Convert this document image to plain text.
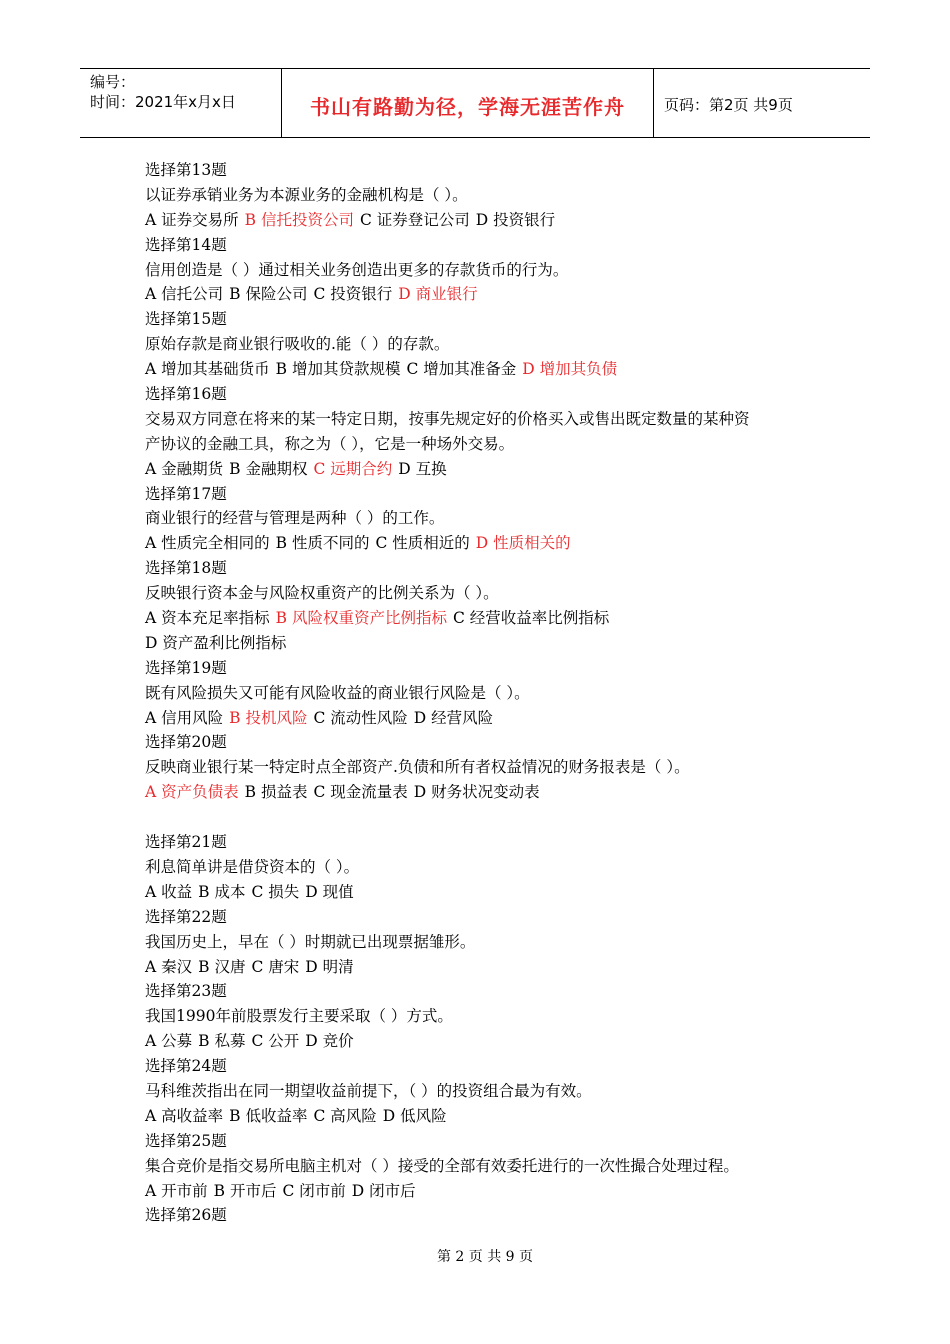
编号：
时间：2021年x月x日	书山有路勤为径，学海无涯苦作舟	页码：第2页 共9页
选择第13题
以证券承销业务为本源业务的金融机构是（ ）。
A 证券交易所 B 信托投资公司 C 证券登记公司 D 投资银行
选择第14题
信用创造是（ ）通过相关业务创造出更多的存款货币的行为。
A 信托公司 B 保险公司 C 投资银行 D 商业银行
选择第15题
原始存款是商业银行吸收的.能（ ）的存款。
A 增加其基础货币 B 增加其贷款规模 C 增加其准备金 D 增加其负债
选择第16题
交易双方同意在将来的某一特定日期，按事先规定好的价格买入或售出既定数量的某种资
产协议的金融工具，称之为（ ），它是一种场外交易。
A 金融期货 B 金融期权 C 远期合约 D 互换
选择第17题
商业银行的经营与管理是两种（ ）的工作。
A 性质完全相同的 B 性质不同的 C 性质相近的 D 性质相关的
选择第18题
反映银行资本金与风险权重资产的比例关系为（ ）。
A 资本充足率指标 B 风险权重资产比例指标 C 经营收益率比例指标
D 资产盈利比例指标
选择第19题
既有风险损失又可能有风险收益的商业银行风险是（ ）。
A 信用风险 B 投机风险 C 流动性风险 D 经营风险
选择第20题
反映商业银行某一特定时点全部资产.负债和所有者权益情况的财务报表是（ ）。
A 资产负债表 B 损益表 C 现金流量表 D 财务状况变动表
选择第21题
利息简单讲是借贷资本的（ ）。
A 收益 B 成本 C 损失 D 现值
选择第22题
我国历史上，早在（ ）时期就已出现票据雏形。
A 秦汉 B 汉唐 C 唐宋 D 明清
选择第23题
我国1990年前股票发行主要采取（ ）方式。
A 公募 B 私募 C 公开 D 竞价
选择第24题
马科维茨指出在同一期望收益前提下，（ ）的投资组合最为有效。
A 高收益率 B 低收益率 C 高风险 D 低风险
选择第25题
集合竞价是指交易所电脑主机对（ ）接受的全部有效委托进行的一次性撮合处理过程。
A 开市前 B 开市后 C 闭市前 D 闭市后
选择第26题
第 2 页 共 9 页
